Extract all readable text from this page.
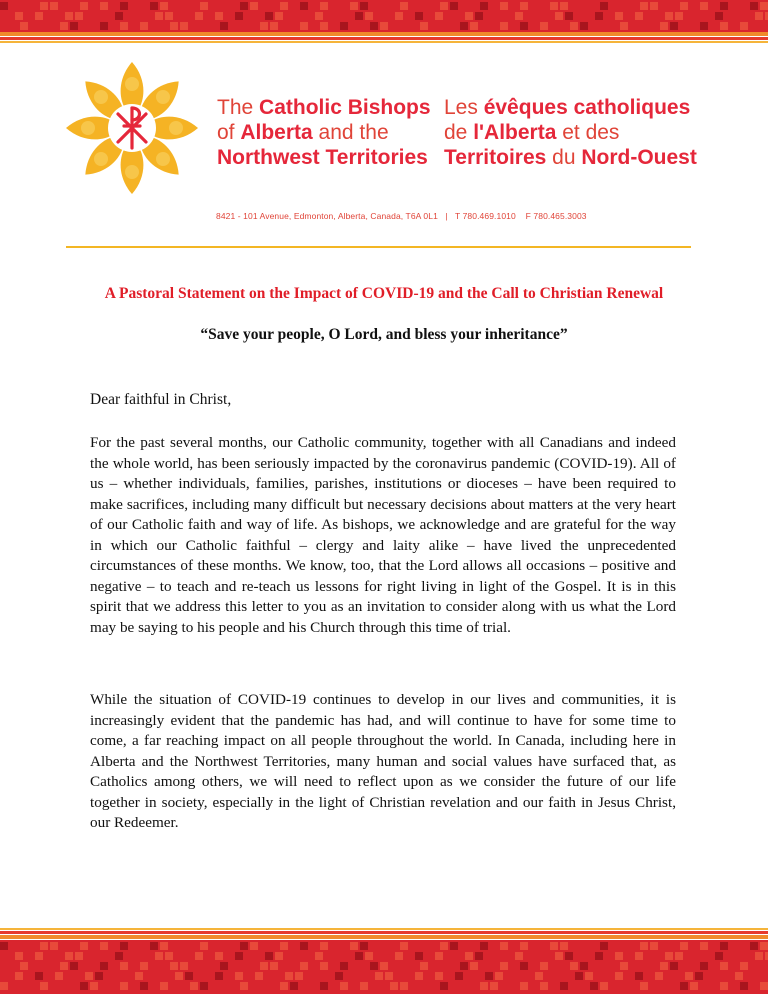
The Catholic Bishops
of Alberta and the
Northwest Territories
Les évêques catholiques
de l'Alberta et des
Territoires du Nord-Ouest
8421 - 101 Avenue, Edmonton, Alberta, Canada, T6A 0L1 | T 780.469.1010 F 780.465.3003
A Pastoral Statement on the Impact of COVID-19 and the Call to Christian Renewal
“Save your people, O Lord, and bless your inheritance”
Dear faithful in Christ,

For the past several months, our Catholic community, together with all Canadians and indeed the whole world, has been seriously impacted by the coronavirus pandemic (COVID-19). All of us – whether individuals, families, parishes, institutions or dioceses – have been required to make sacrifices, including many difficult but necessary decisions about matters at the very heart of our Catholic faith and way of life. As bishops, we acknowledge and are grateful for the way in which our Catholic faithful – clergy and laity alike – have lived the unprecedented circumstances of these months. We know, too, that the Lord allows all occasions – positive and negative – to teach and re-teach us lessons for right living in light of the Gospel. It is in this spirit that we address this letter to you as an invitation to consider along with us what the Lord may be saying to his people and his Church through this time of trial.

While the situation of COVID-19 continues to develop in our lives and communities, it is increasingly evident that the pandemic has had, and will continue to have for some time to come, a far reaching impact on all people throughout the world. In Canada, including here in Alberta and the Northwest Territories, many human and social values have surfaced that, as Catholics among others, we will need to reflect upon as we consider the future of our life together in society, especially in the light of Christian revelation and our faith in Jesus Christ, our Redeemer.
